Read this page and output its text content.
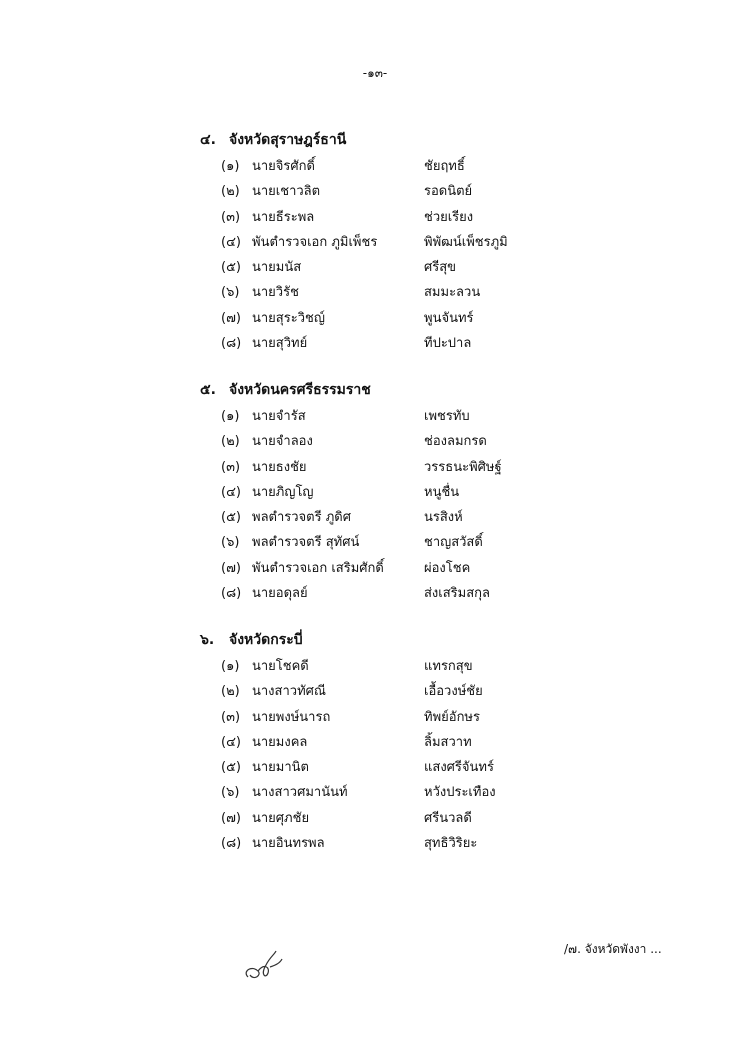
-๑๓-
๔. จังหวัดสุราษฎร์ธานี
(๑) นายจิรศักดิ์	ชัยฤทธิ์
(๒) นายเชาวลิต	รอดนิตย์
(๓) นายธีระพล	ช่วยเรียง
(๔) พันตำรวจเอก ภูมิเพ็ชร	พิพัฒน์เพ็ชรภูมิ
(๕) นายมนัส	ศรีสุข
(๖) นายวิรัช	สมมะลวน
(๗) นายสุระวิชญ์	พูนจันทร์
(๘) นายสุวิทย์	ทีปะปาล
๕. จังหวัดนครศรีธรรมราช
(๑) นายจำรัส	เพชรทับ
(๒) นายจำลอง	ช่องลมกรด
(๓) นายธงชัย	วรรธนะพิศิษฐ์
(๔) นายภิญโญ	หนูชื่น
(๕) พลตำรวจตรี ภูดิศ	นรสิงห์
(๖) พลตำรวจตรี สุทัศน์	ชาญสวัสดิ์
(๗) พันตำรวจเอก เสริมศักดิ์	ผ่องโชค
(๘) นายอดุลย์	ส่งเสริมสกุล
๖. จังหวัดกระบี่
(๑) นายโชคดี	แทรกสุข
(๒) นางสาวทัศณี	เอื้อวงษ์ชัย
(๓) นายพงษ์นารถ	ทิพย์อักษร
(๔) นายมงคล	ลิ้มสวาท
(๕) นายมานิต	แสงศรีจันทร์
(๖) นางสาวศมานันท์	หวังประเทือง
(๗) นายศุภชัย	ศรีนวลดี
(๘) นายอินทรพล	สุทธิวิริยะ
/๗. จังหวัดพังงา ...
